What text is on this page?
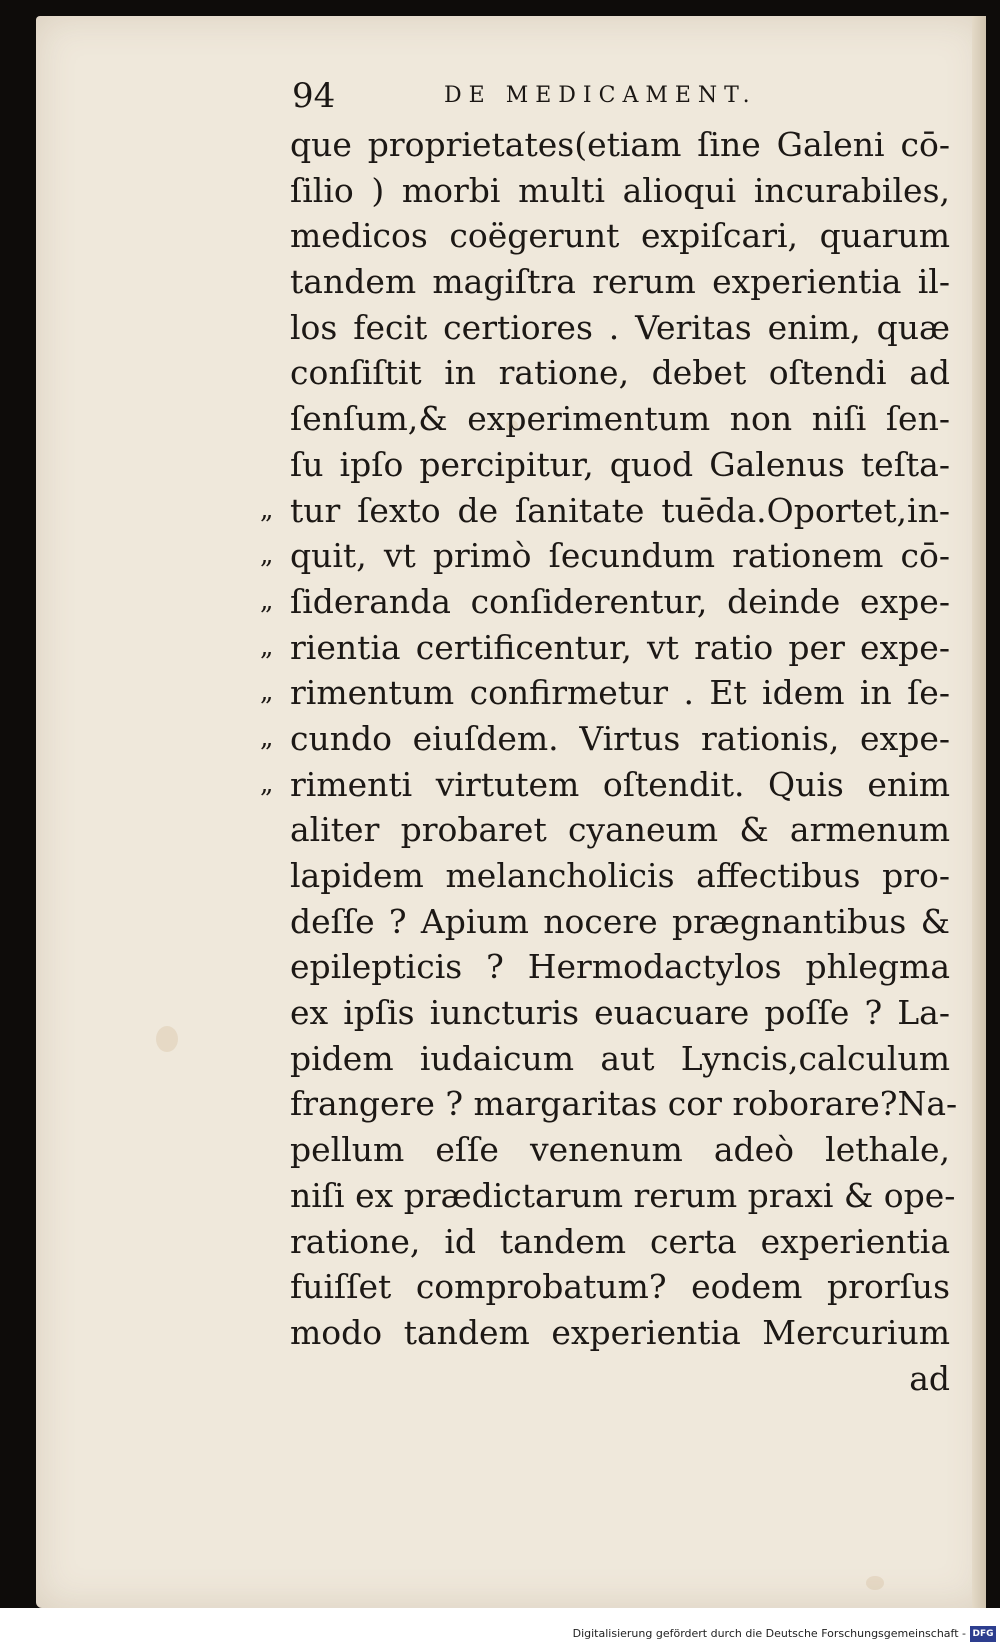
94	DE MEDICAMENT.
que proprietates(etiam ſine Galeni cō-
ſilio ) morbi multi alioqui incurabiles,
medicos coëgerunt expiſcari, quarum
tandem magiſtra rerum experientia il-
los fecit certiores . Veritas enim, quæ
conſiſtit in ratione, debet oſtendi ad
ſenſum,& experimentum non niſi ſen-
ſu ipſo percipitur, quod Galenus teſta-
„ tur ſexto de ſanitate tuēda.Oportet,in-
„ quit, vt primò ſecundum rationem cō-
„ ſideranda conſiderentur, deinde expe-
„ rientia certificentur, vt ratio per expe-
„ rimentum confirmetur . Et idem in ſe-
„ cundo eiuſdem. Virtus rationis, expe-
„ rimenti virtutem oſtendit. Quis enim
aliter probaret cyaneum & armenum
lapidem melancholicis affectibus pro-
deſſe ? Apium nocere prægnantibus &
epilepticis ? Hermodactylos phlegma
ex ipſis iuncturis euacuare poſſe ? La-
pidem iudaicum aut Lyncis,calculum
frangere ? margaritas cor roborare?Na-
pellum eſſe venenum adeò lethale,
niſi ex prædictarum rerum praxi & ope-
ratione, id tandem certa experientia
fuiſſet comprobatum? eodem prorſus
modo tandem experientia Mercurium
ad
Digitalisierung gefördert durch die Deutsche Forschungsgemeinschaft - DFG
